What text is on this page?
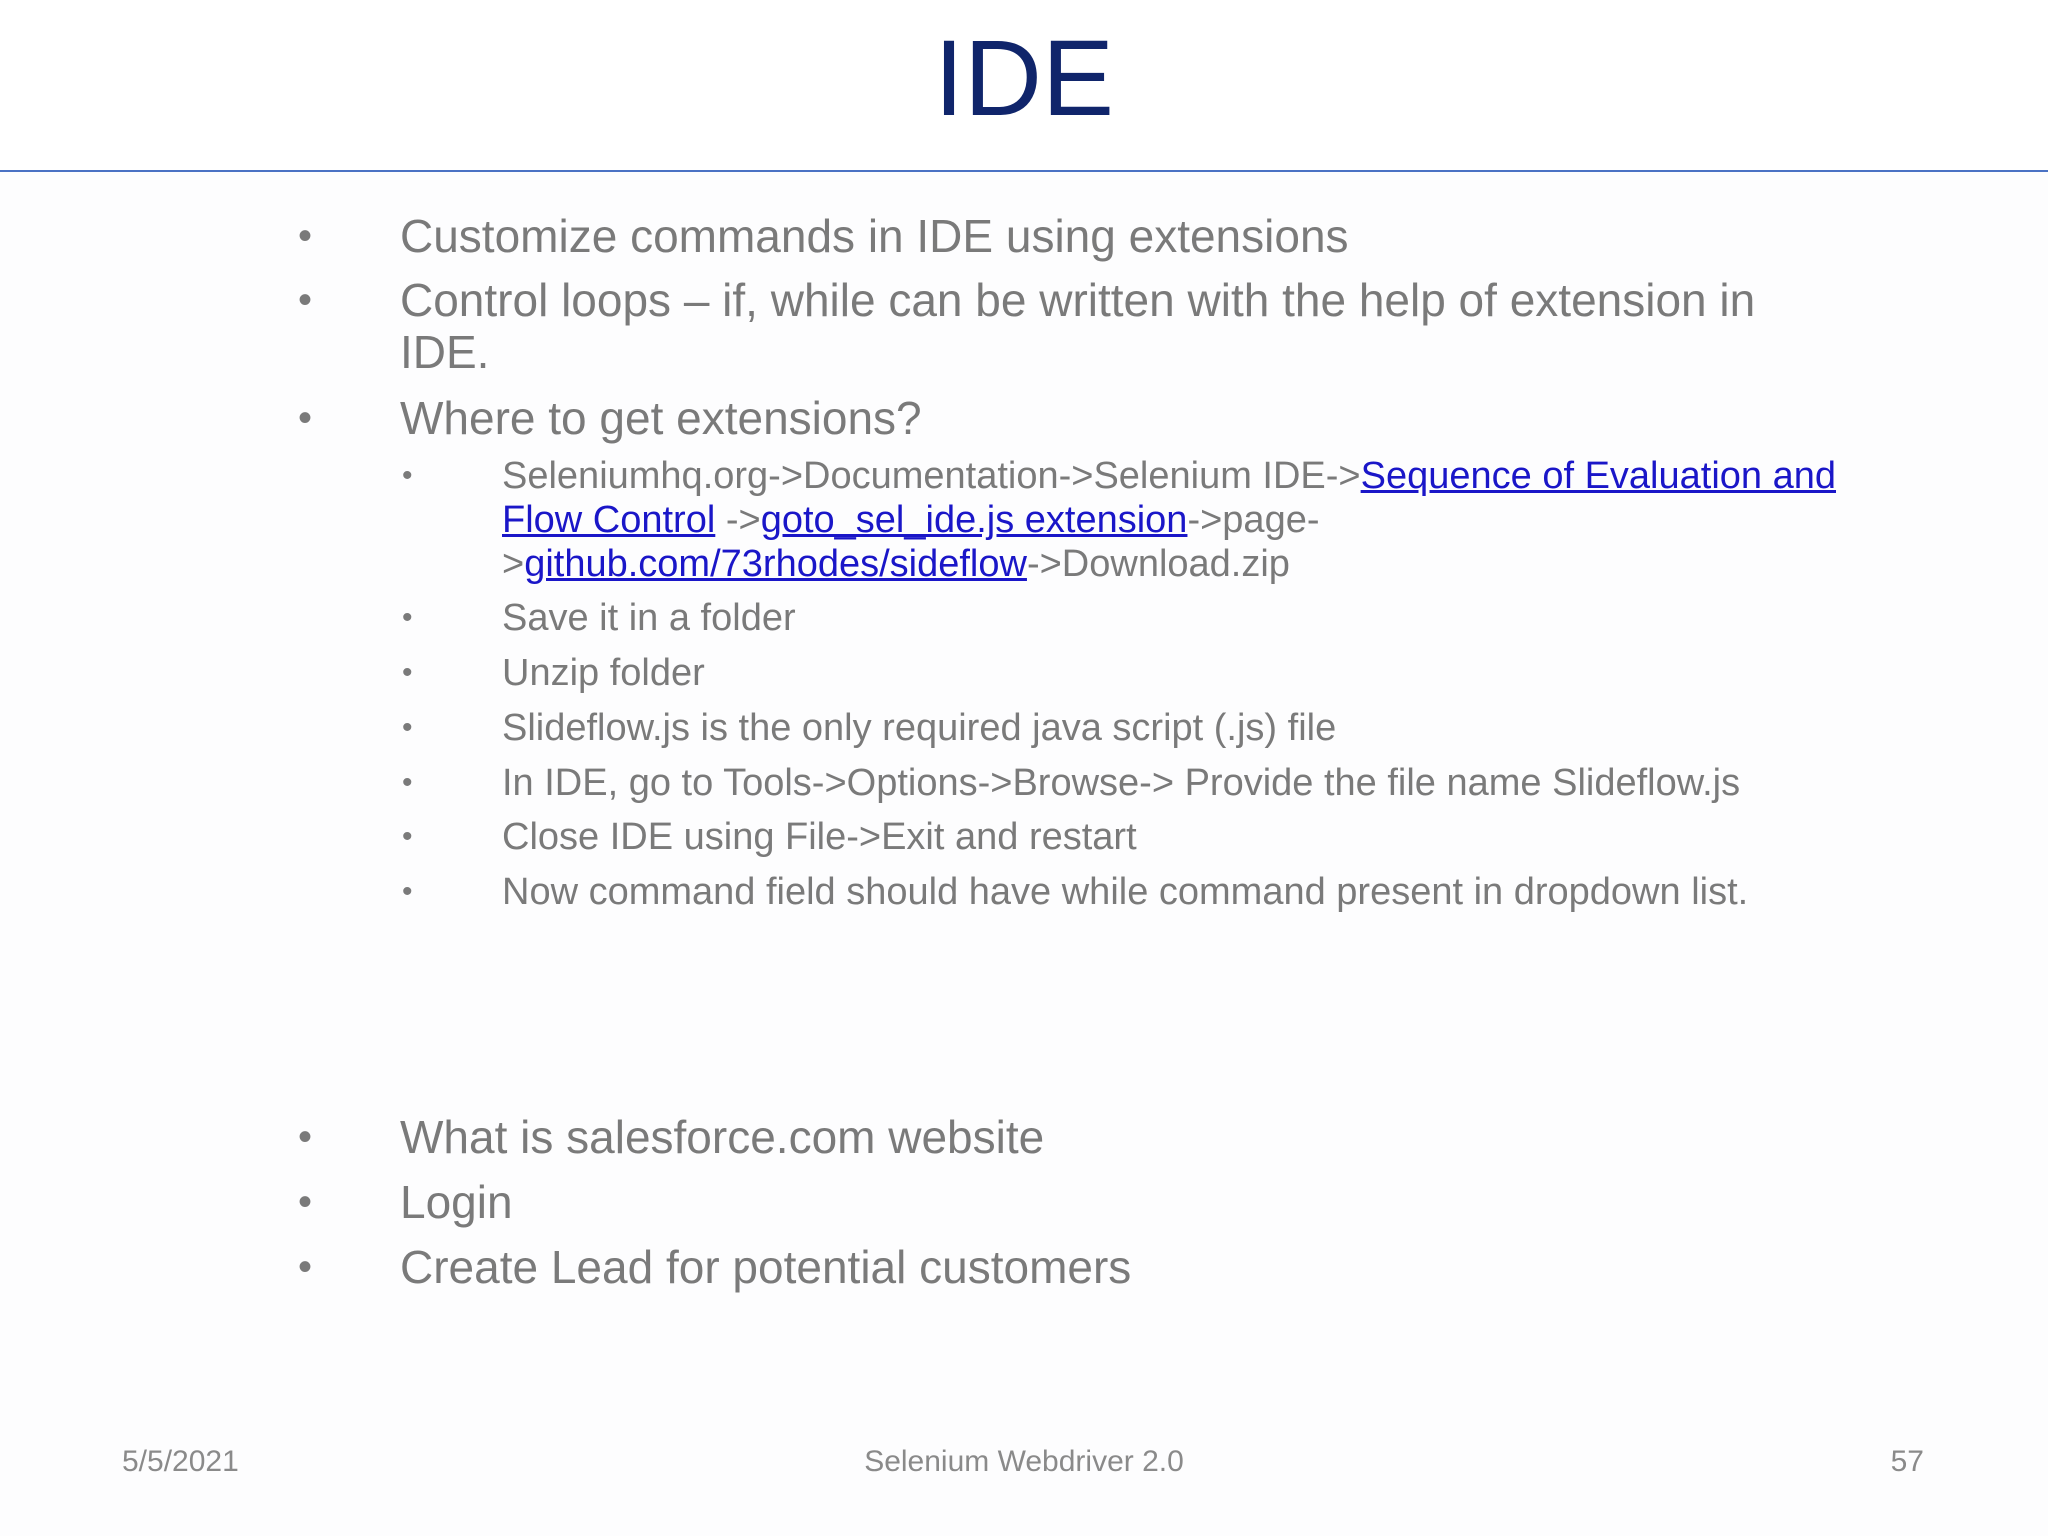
IDE
• Customize commands in IDE using extensions
• Control loops – if, while can be written with the help of extension in
IDE.
• Where to get extensions?
• Seleniumhq.org->Documentation->Selenium IDE->Sequence of Evaluation and
Flow Control ->goto_sel_ide.js extension->page-
>github.com/73rhodes/sideflow->Download.zip
• Save it in a folder
• Unzip folder
• Slideflow.js is the only required java script (.js) file
• In IDE, go to Tools->Options->Browse-> Provide the file name Slideflow.js
• Close IDE using File->Exit and restart
• Now command field should have while command present in dropdown list.
• What is salesforce.com website
• Login
• Create Lead for potential customers
5/5/2021	Selenium Webdriver 2.0	57
